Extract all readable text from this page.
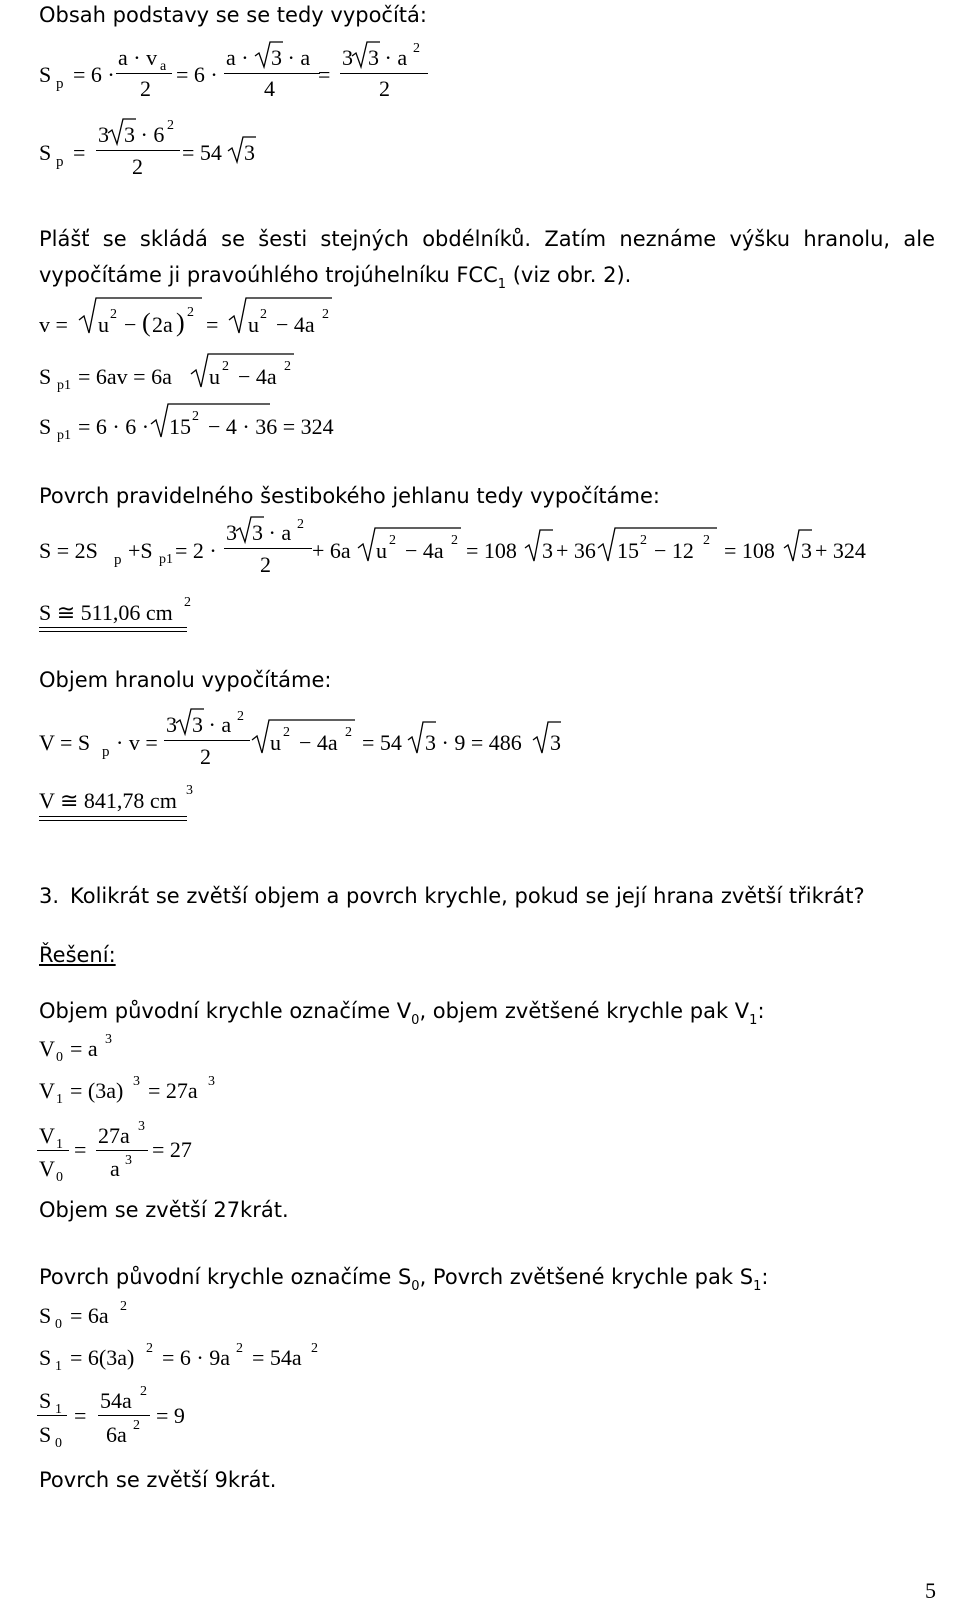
Obsah podstavy se se tedy vypočítá:
S p = 6 ·
a · v a
2
= 6 ·
a · 3 · a
4
=
3 3 · a 2
2
S p =
3 3 · 6 2
2
= 54 3
Plášť se skládá se šesti stejných obdélníků. Zatím neznáme výšku hranolu, ale
vypočítáme ji pravoúhlého trojúhelníku $FCC_1$ (viz obr. 2).
v = u 2 − ( 2a ) 2 = u 2 − 4a 2
S p1 = 6av = 6a u 2 − 4a 2
S p1 = 6 · 6 · 15 2 − 4 · 36 = 324
Povrch pravidelného šestibokého jehlanu tedy vypočítáme:
S = 2S p +S p1 = 2 ·
3 3 · a 2
2
+ 6a u 2 − 4a 2 = 108 3 + 36 15 2 − 12 2 = 108 3 + 324
S ≅ 511,06 cm 2
Objem hranolu vypočítáme:
V = S p · v =
3 3 · a 2
2
u 2 − 4a 2 = 54 3 · 9 = 486 3
V ≅ 841,78 cm 3
3. Kolikrát se zvětší objem a povrch krychle, pokud se její hrana zvětší třikrát?
Řešení:
Objem původní krychle označíme $V_0$, objem zvětšené krychle pak $V_1$:
V 0 = a 3
V 1 = (3a) 3 = 27a 3
V 1
V 0
=
27a 3
a 3 = 27
Objem se zvětší 27krát.
Povrch původní krychle označíme $S_0$, Povrch zvětšené krychle pak $S_1$:
S 0 = 6a 2
S 1 = 6(3a) 2 = 6 · 9a 2 = 54a 2
S 1
S 0
=
54a 2
6a 2 = 9
Povrch se zvětší 9krát.
5
